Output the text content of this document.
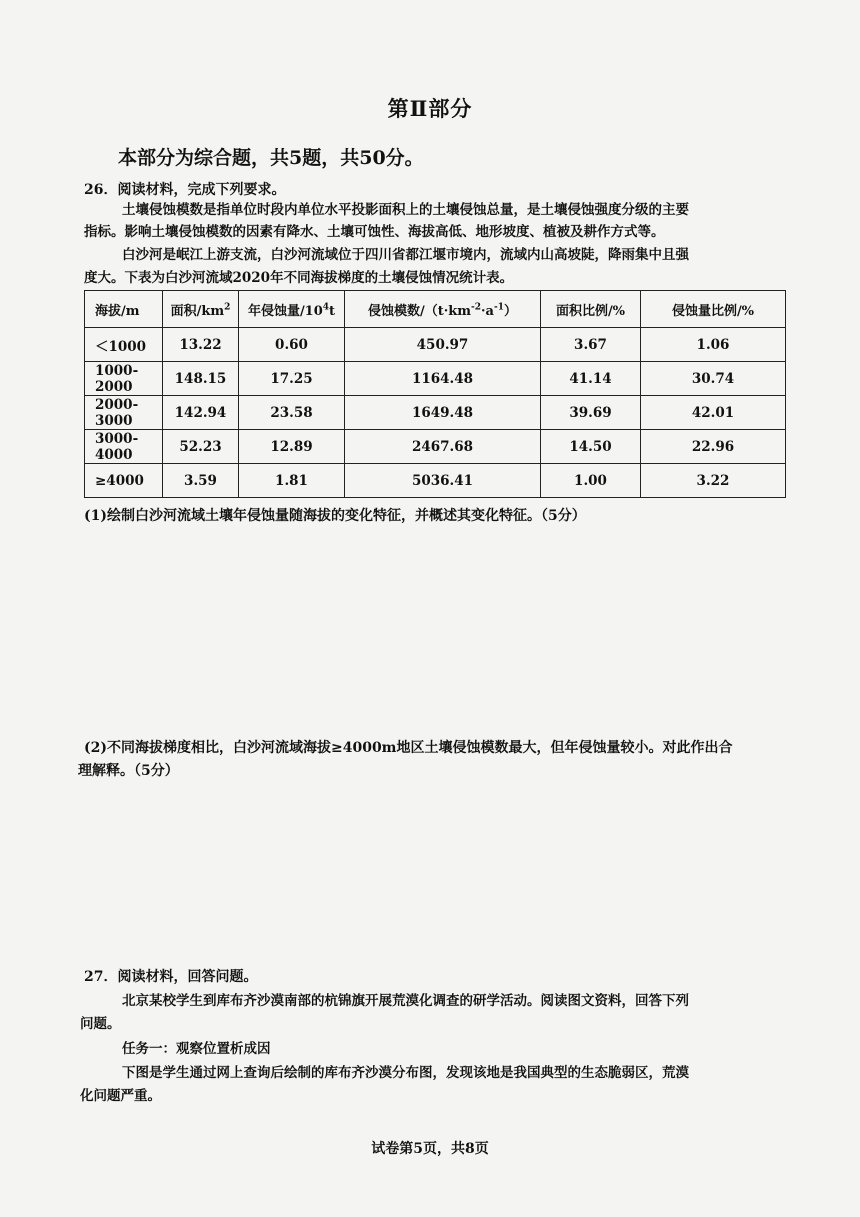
第Ⅱ部分
本部分为综合题，共5题，共50分。
26．阅读材料，完成下列要求。
土壤侵蚀模数是指单位时段内单位水平投影面积上的土壤侵蚀总量，是土壤侵蚀强度分级的主要
指标。影响土壤侵蚀模数的因素有降水、土壤可蚀性、海拔高低、地形坡度、植被及耕作方式等。
白沙河是岷江上游支流，白沙河流域位于四川省都江堰市境内，流域内山高坡陡，降雨集中且强
度大。下表为白沙河流域2020年不同海拔梯度的土壤侵蚀情况统计表。
海拔/m	面积$/km^2$	年侵蚀量$/10^4t$	侵蚀模数$/(t\cdot km^{-2}\cdot a^{-1})$	面积比例/%	侵蚀量比例/%
＜1000	13.22	0.60	450.97	3.67	1.06
1000-2000	148.15	17.25	1164.48	41.14	30.74
2000-3000	142.94	23.58	1649.48	39.69	42.01
3000-4000	52.23	12.89	2467.68	14.50	22.96
≥4000	3.59	1.81	5036.41	1.00	3.22
(1)绘制白沙河流域土壤年侵蚀量随海拔的变化特征，并概述其变化特征。（5分）
(2)不同海拔梯度相比，白沙河流域海拔≥4000m地区土壤侵蚀模数最大，但年侵蚀量较小。对此作出合
理解释。（5分）
27．阅读材料，回答问题。
北京某校学生到库布齐沙漠南部的杭锦旗开展荒漠化调查的研学活动。阅读图文资料，回答下列
问题。
任务一：观察位置析成因
下图是学生通过网上查询后绘制的库布齐沙漠分布图，发现该地是我国典型的生态脆弱区，荒漠
化问题严重。
试卷第5页，共8页
